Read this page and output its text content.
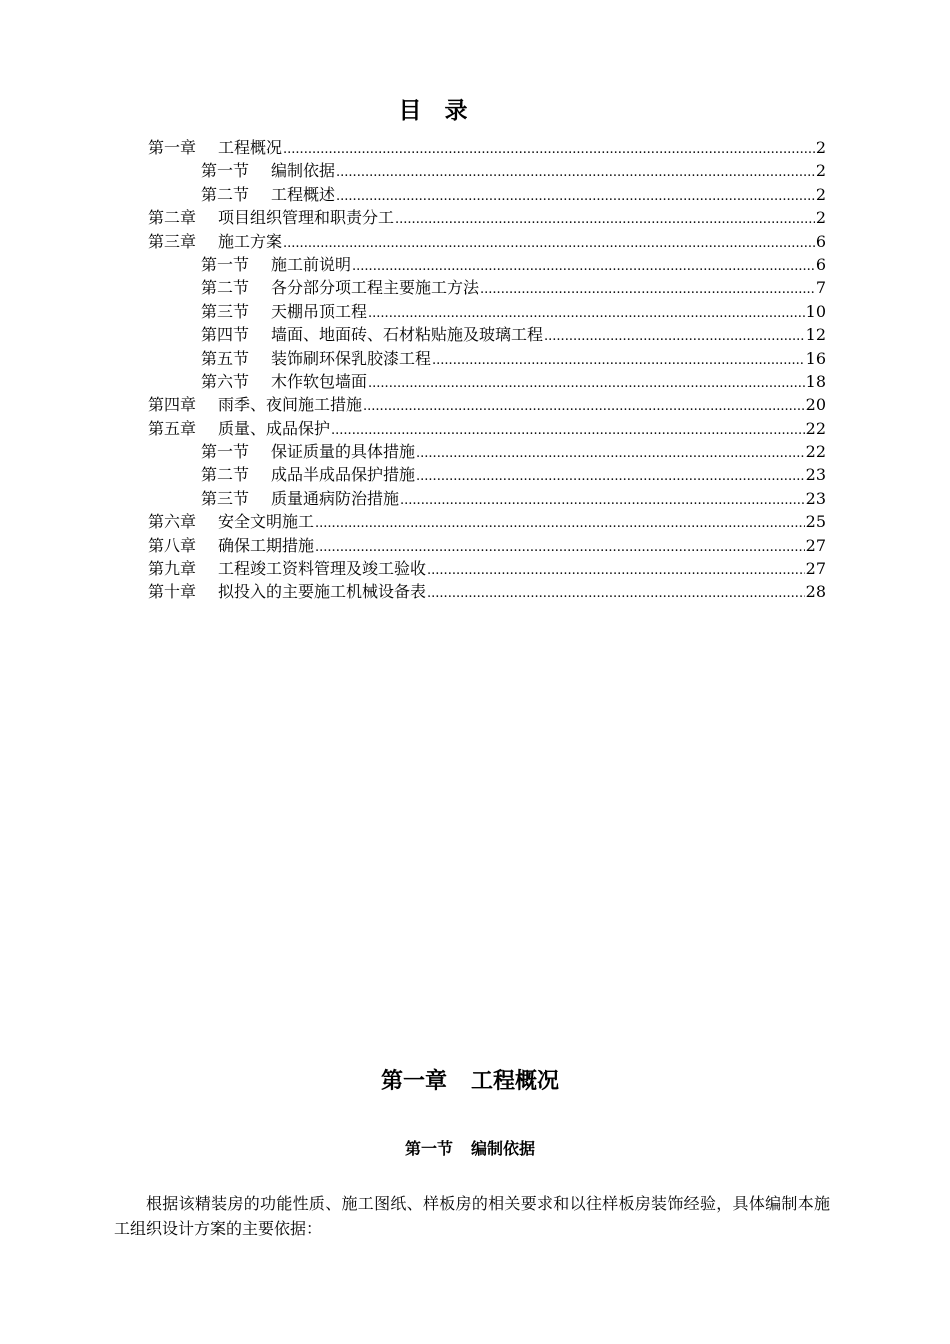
目　录
第一章 工程概况 .....	2
第一节 编制依据 .....	2
第二节 工程概述 .....	2
第二章 项目组织管理和职责分工 .....	2
第三章 施工方案 .....	6
第一节 施工前说明 .....	6
第二节 各分部分项工程主要施工方法 .....	7
第三节 天棚吊顶工程 .....	10
第四节 墙面、地面砖、石材粘贴施及玻璃工程 .....	12
第五节 装饰刷环保乳胶漆工程 .....	16
第六节 木作软包墙面 .....	18
第四章 雨季、夜间施工措施 .....	20
第五章 质量、成品保护 .....	22
第一节 保证质量的具体措施 .....	22
第二节 成品半成品保护措施 .....	23
第三节 质量通病防治措施 .....	23
第六章 安全文明施工 .....	25
第八章 确保工期措施 .....	27
第九章 工程竣工资料管理及竣工验收 .....	27
第十章 拟投入的主要施工机械设备表 .....	28
第一章 工程概况
第一节 编制依据

根据该精装房的功能性质、施工图纸、样板房的相关要求和以往样板房装饰经验，具体编制本施工组织设计方案的主要依据：
